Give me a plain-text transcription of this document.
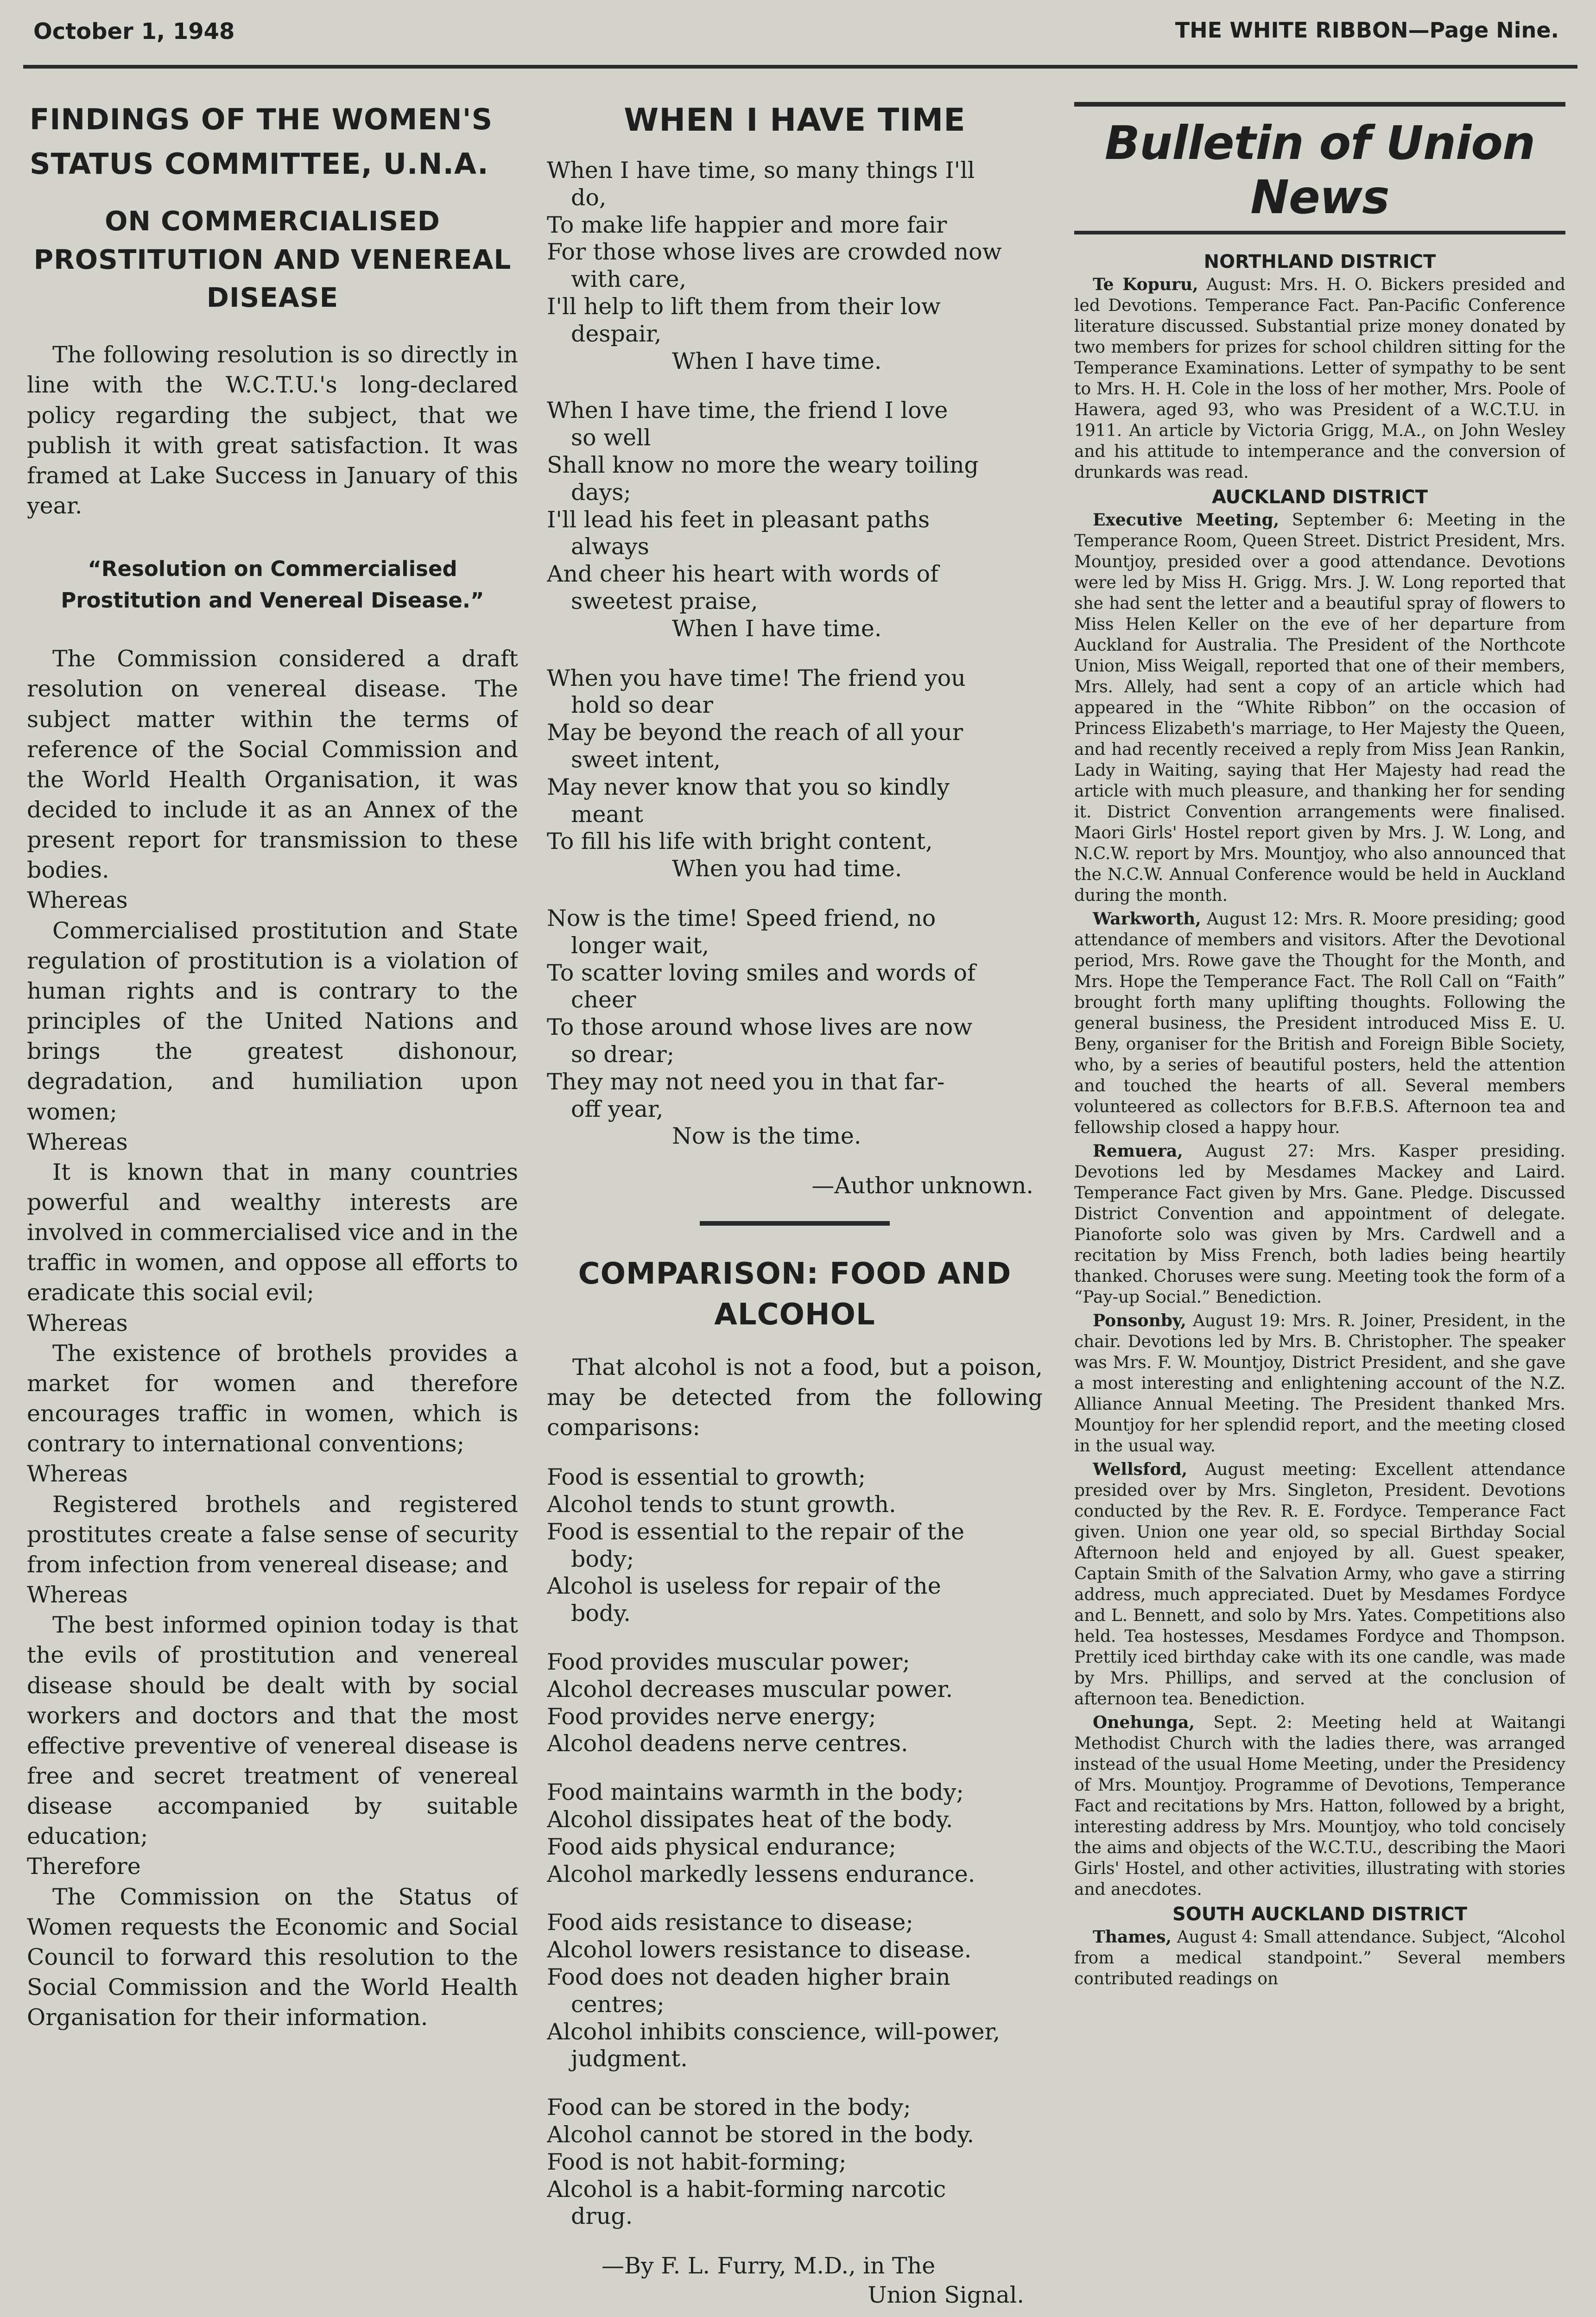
October 1, 1948	THE WHITE RIBBON—Page Nine.
FINDINGS OF THE WOMEN'S STATUS COMMITTEE, U.N.A.
ON COMMERCIALISED PROSTITUTION AND VENEREAL DISEASE

The following resolution is so directly in line with the W.C.T.U.'s long-declared policy regarding the subject, that we publish it with great satisfaction. It was framed at Lake Success in January of this year.

“Resolution on Commercialised Prostitution and Venereal Disease.”

The Commission considered a draft resolution on venereal disease. The subject matter within the terms of reference of the Social Commission and the World Health Organisation, it was decided to include it as an Annex of the present report for transmission to these bodies.

Whereas

Commercialised prostitution and State regulation of prostitution is a violation of human rights and is contrary to the principles of the United Nations and brings the greatest dishonour, degradation, and humiliation upon women;

Whereas

It is known that in many countries powerful and wealthy interests are involved in commercialised vice and in the traffic in women, and oppose all efforts to eradicate this social evil;

Whereas

The existence of brothels provides a market for women and therefore encourages traffic in women, which is contrary to international conventions;

Whereas

Registered brothels and registered prostitutes create a false sense of security from infection from venereal disease; and

Whereas

The best informed opinion today is that the evils of prostitution and venereal disease should be dealt with by social workers and doctors and that the most effective preventive of venereal disease is free and secret treatment of venereal disease accompanied by suitable education;

Therefore

The Commission on the Status of Women requests the Economic and Social Council to forward this resolution to the Social Commission and the World Health Organisation for their information.

WHEN I HAVE TIME
When I have time, so many things I'll
do,
To make life happier and more fair
For those whose lives are crowded now
with care,
I'll help to lift them from their low
despair,
When I have time.
When I have time, the friend I love
so well
Shall know no more the weary toiling
days;
I'll lead his feet in pleasant paths
always
And cheer his heart with words of
sweetest praise,
When I have time.
When you have time! The friend you
hold so dear
May be beyond the reach of all your
sweet intent,
May never know that you so kindly
meant
To fill his life with bright content,
When you had time.
Now is the time! Speed friend, no
longer wait,
To scatter loving smiles and words of
cheer
To those around whose lives are now
so drear;
They may not need you in that far-
off year,
Now is the time.
—Author unknown.
COMPARISON: FOOD AND ALCOHOL

That alcohol is not a food, but a poison, may be detected from the following comparisons:

Food is essential to growth;
Alcohol tends to stunt growth.
Food is essential to the repair of the
body;
Alcohol is useless for repair of the
body.
Food provides muscular power;
Alcohol decreases muscular power.
Food provides nerve energy;
Alcohol deadens nerve centres.
Food maintains warmth in the body;
Alcohol dissipates heat of the body.
Food aids physical endurance;
Alcohol markedly lessens endurance.
Food aids resistance to disease;
Alcohol lowers resistance to disease.
Food does not deaden higher brain
centres;
Alcohol inhibits conscience, will-power,
judgment.
Food can be stored in the body;
Alcohol cannot be stored in the body.
Food is not habit-forming;
Alcohol is a habit-forming narcotic
drug.
—By F. L. Furry, M.D., in The
Union Signal.
Bulletin of Union News
NORTHLAND DISTRICT

Te Kopuru, August: Mrs. H. O. Bickers presided and led Devotions. Temperance Fact. Pan-Pacific Conference literature discussed. Substantial prize money donated by two members for prizes for school children sitting for the Temperance Examinations. Letter of sympathy to be sent to Mrs. H. H. Cole in the loss of her mother, Mrs. Poole of Hawera, aged 93, who was President of a W.C.T.U. in 1911. An article by Victoria Grigg, M.A., on John Wesley and his attitude to intemperance and the conversion of drunkards was read.

AUCKLAND DISTRICT

Executive Meeting, September 6: Meeting in the Temperance Room, Queen Street. District President, Mrs. Mountjoy, presided over a good attendance. Devotions were led by Miss H. Grigg. Mrs. J. W. Long reported that she had sent the letter and a beautiful spray of flowers to Miss Helen Keller on the eve of her departure from Auckland for Australia. The President of the Northcote Union, Miss Weigall, reported that one of their members, Mrs. Allely, had sent a copy of an article which had appeared in the “White Ribbon” on the occasion of Princess Elizabeth's marriage, to Her Majesty the Queen, and had recently received a reply from Miss Jean Rankin, Lady in Waiting, saying that Her Majesty had read the article with much pleasure, and thanking her for sending it. District Convention arrangements were finalised. Maori Girls' Hostel report given by Mrs. J. W. Long, and N.C.W. report by Mrs. Mountjoy, who also announced that the N.C.W. Annual Conference would be held in Auckland during the month.

Warkworth, August 12: Mrs. R. Moore presiding; good attendance of members and visitors. After the Devotional period, Mrs. Rowe gave the Thought for the Month, and Mrs. Hope the Temperance Fact. The Roll Call on “Faith” brought forth many uplifting thoughts. Following the general business, the President introduced Miss E. U. Beny, organiser for the British and Foreign Bible Society, who, by a series of beautiful posters, held the attention and touched the hearts of all. Several members volunteered as collectors for B.F.B.S. Afternoon tea and fellowship closed a happy hour.

Remuera, August 27: Mrs. Kasper presiding. Devotions led by Mesdames Mackey and Laird. Temperance Fact given by Mrs. Gane. Pledge. Discussed District Convention and appointment of delegate. Pianoforte solo was given by Mrs. Cardwell and a recitation by Miss French, both ladies being heartily thanked. Choruses were sung. Meeting took the form of a “Pay-up Social.” Benediction.

Ponsonby, August 19: Mrs. R. Joiner, President, in the chair. Devotions led by Mrs. B. Christopher. The speaker was Mrs. F. W. Mountjoy, District President, and she gave a most interesting and enlightening account of the N.Z. Alliance Annual Meeting. The President thanked Mrs. Mountjoy for her splendid report, and the meeting closed in the usual way.

Wellsford, August meeting: Excellent attendance presided over by Mrs. Singleton, President. Devotions conducted by the Rev. R. E. Fordyce. Temperance Fact given. Union one year old, so special Birthday Social Afternoon held and enjoyed by all. Guest speaker, Captain Smith of the Salvation Army, who gave a stirring address, much appreciated. Duet by Mesdames Fordyce and L. Bennett, and solo by Mrs. Yates. Competitions also held. Tea hostesses, Mesdames Fordyce and Thompson. Prettily iced birthday cake with its one candle, was made by Mrs. Phillips, and served at the conclusion of afternoon tea. Benediction.

Onehunga, Sept. 2: Meeting held at Waitangi Methodist Church with the ladies there, was arranged instead of the usual Home Meeting, under the Presidency of Mrs. Mountjoy. Programme of Devotions, Temperance Fact and recitations by Mrs. Hatton, followed by a bright, interesting address by Mrs. Mountjoy, who told concisely the aims and objects of the W.C.T.U., describing the Maori Girls' Hostel, and other activities, illustrating with stories and anecdotes.

SOUTH AUCKLAND DISTRICT

Thames, August 4: Small attendance. Subject, “Alcohol from a medical standpoint.” Several members contributed readings on
